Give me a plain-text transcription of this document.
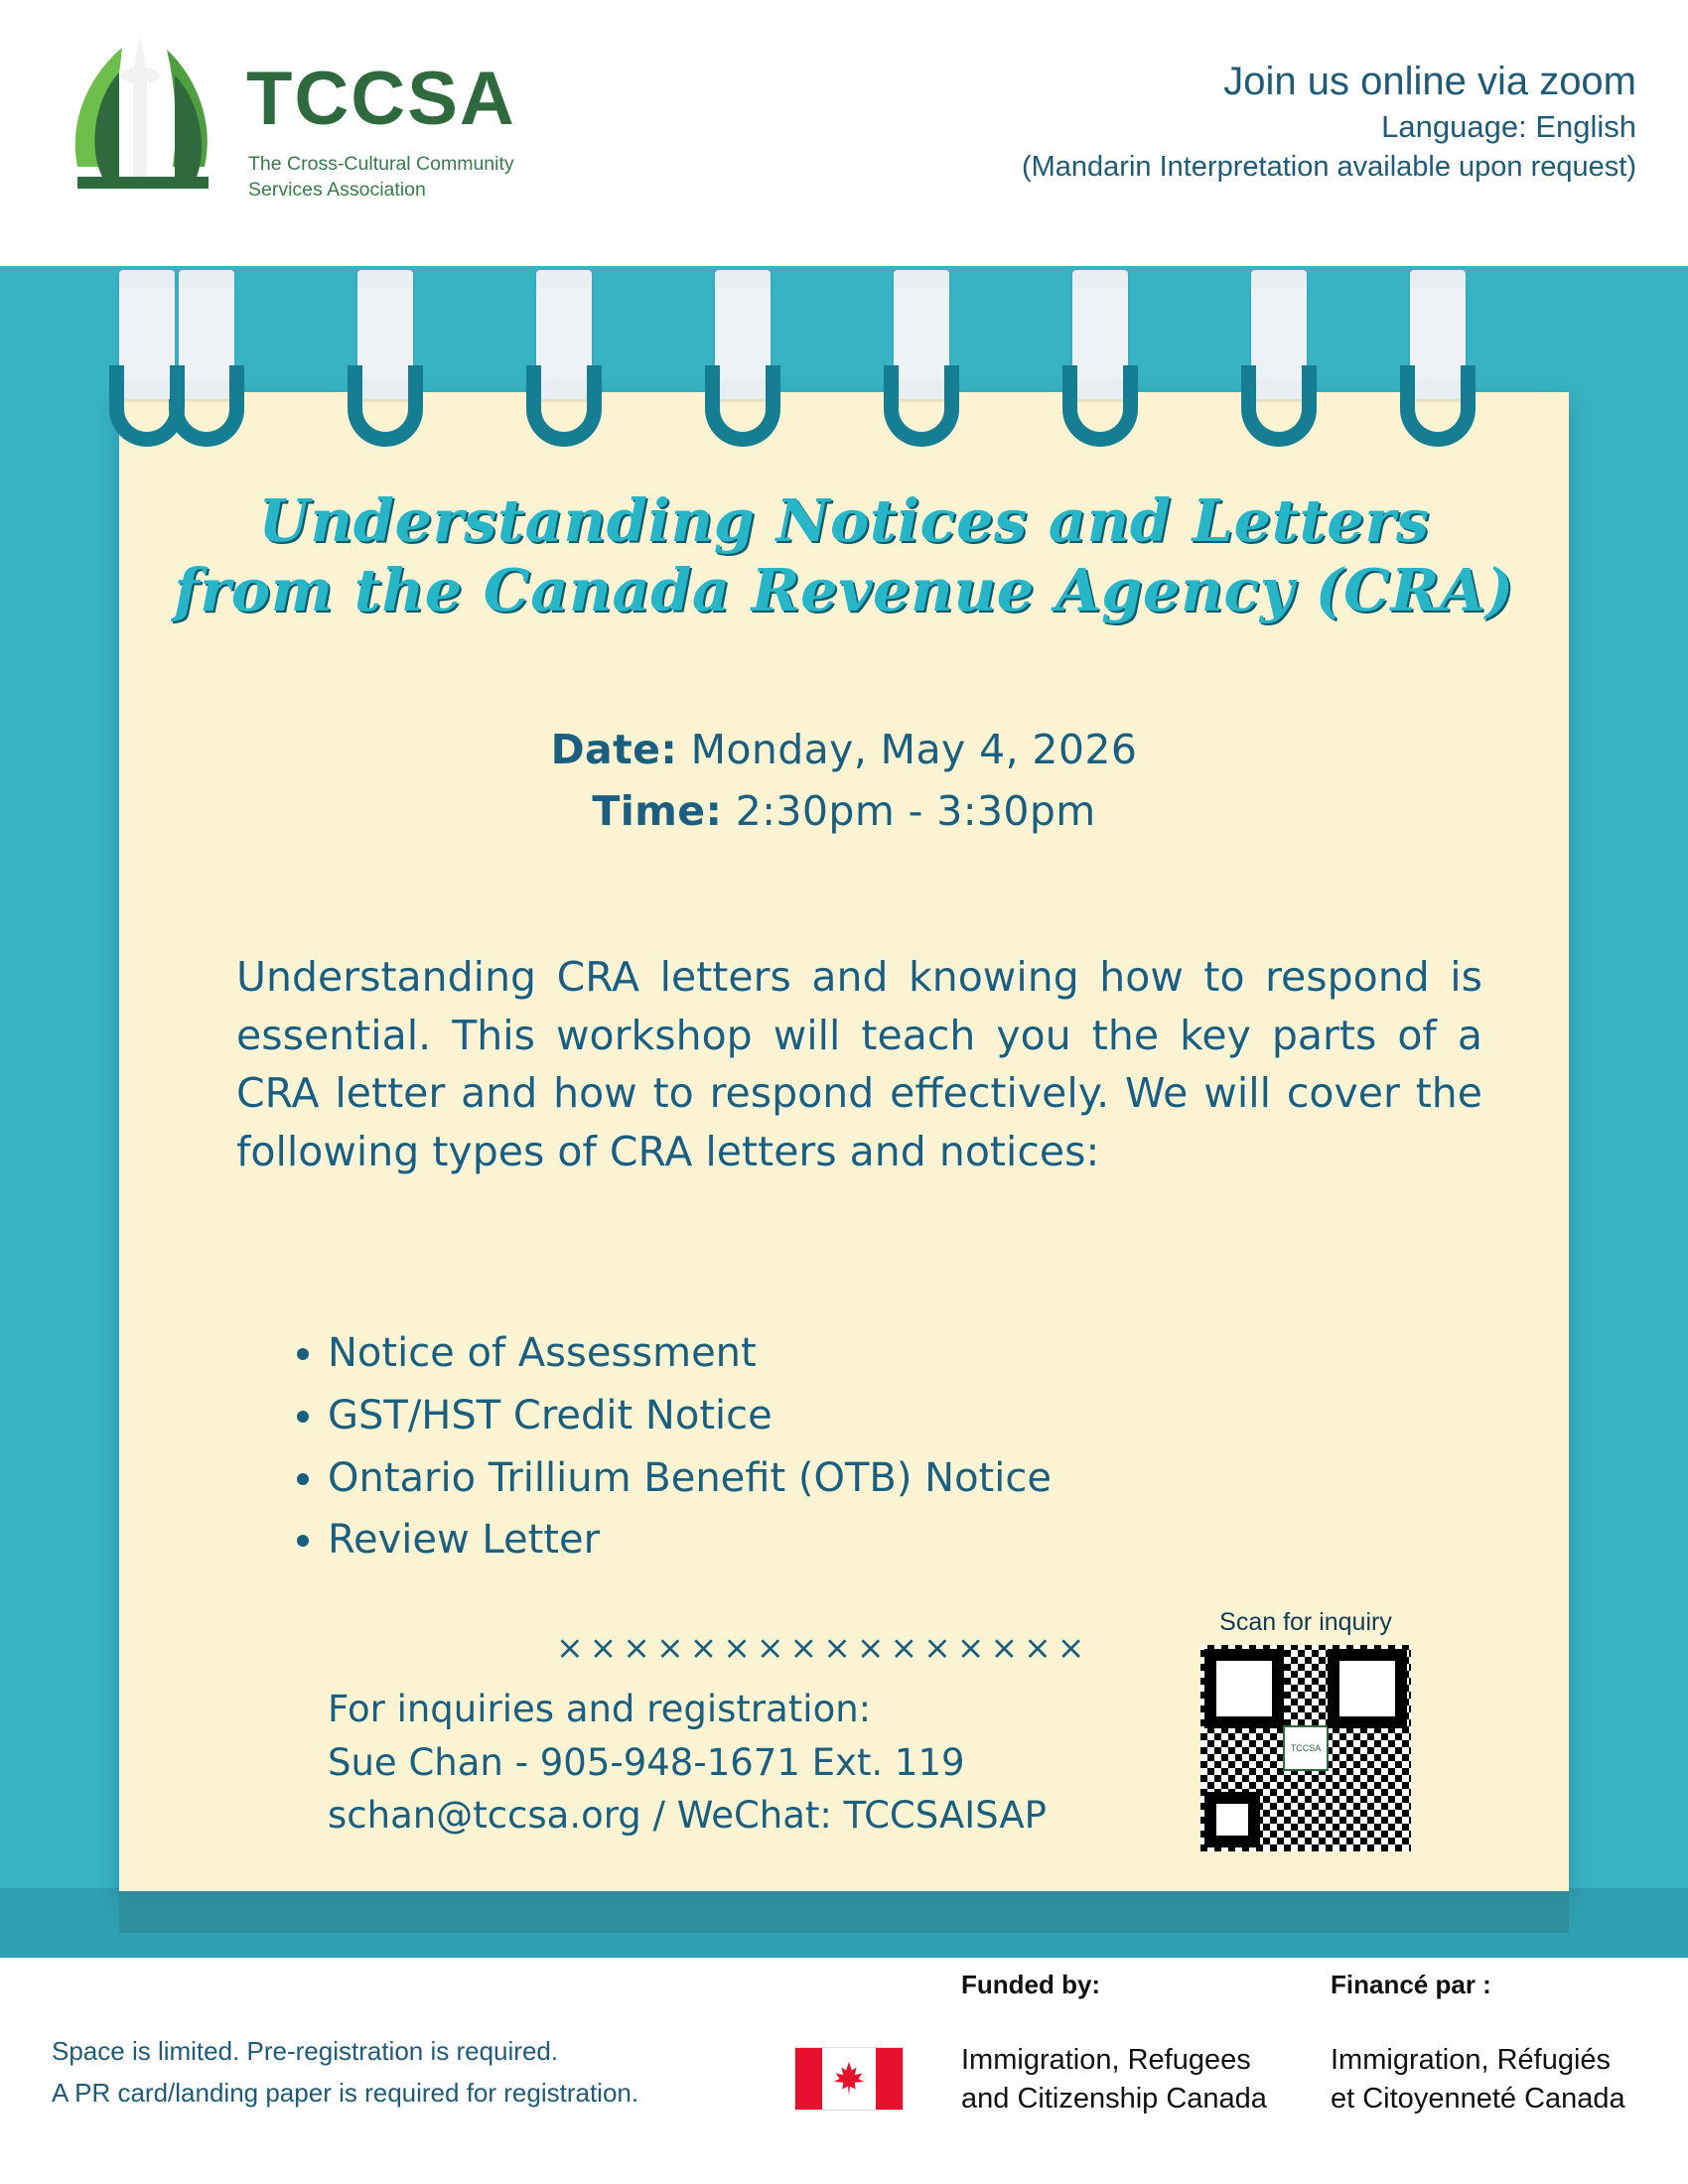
TCCSA
The Cross-Cultural Community Services Association
Join us online via zoom
Language: English
(Mandarin Interpretation available upon request)
Understanding Notices and Letters
from the Canada Revenue Agency (CRA)
Date: Monday, May 4, 2026
Time: 2:30pm - 3:30pm
Understanding CRA letters and knowing how to respond is essential. This workshop will teach you the key parts of a CRA letter and how to respond effectively. We will cover the following types of CRA letters and notices:
• Notice of Assessment
• GST/HST Credit Notice
• Ontario Trillium Benefit (OTB) Notice
• Review Letter
××××××××××××××××
For inquiries and registration:
Sue Chan - 905-948-1671 Ext. 119
schan@tccsa.org / WeChat: TCCSAISAP
Scan for inquiry
TCCSA
Space is limited. Pre-registration is required.
A PR card/landing paper is required for registration.
Funded by:	Financé par :
Immigration, Refugees
and Citizenship Canada
Immigration, Réfugiés
et Citoyenneté Canada
